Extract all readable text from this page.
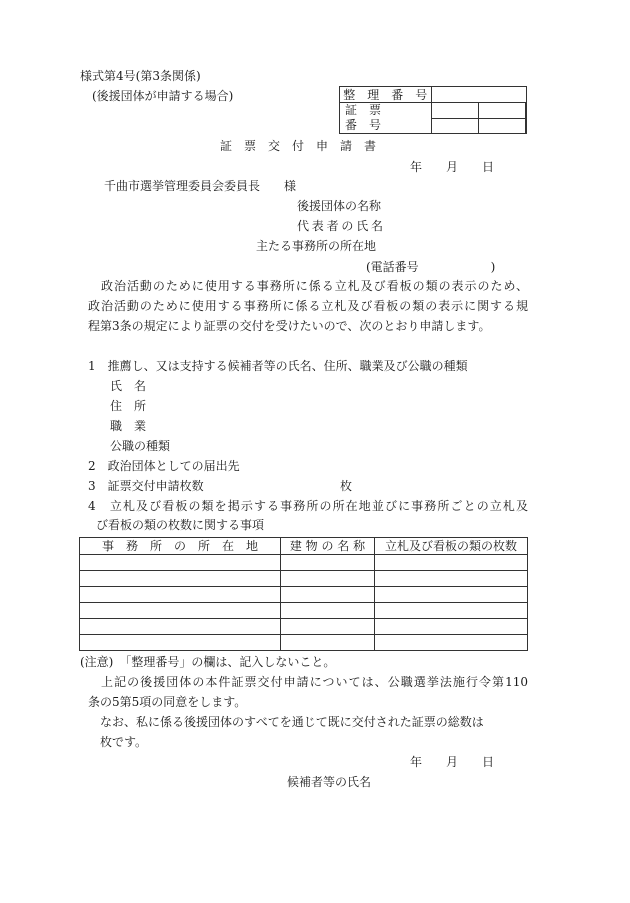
様式第4号(第3条関係)
(後援団体が申請する場合)	整　理　番　号			

証　票
番　号			

証　票　交　付　申　請　書
年　　月　　日
千曲市選挙管理委員会委員長　　様
後援団体の名称
代表者の氏名
主たる事務所の所在地
(電話番号　　　　　　)
　政治活動のために使用する事務所に係る立札及び看板の類の表示のため、
政治活動のために使用する事務所に係る立札及び看板の類の表示に関する規
程第3条の規定により証票の交付を受けたいので、次のとおり申請します。
1　推薦し、又は支持する候補者等の氏名、住所、職業及び公職の種類
氏　名
住　所
職　業
公職の種類
2　政治団体としての届出先
3　証票交付申請枚数	枚
4　立札及び看板の類を掲示する事務所の所在地並びに事務所ごとの立札及
び看板の類の枚数に関する事項
事　務　所　の　所　在　地	建 物 の 名 称	立札及び看板の類の枚数

(注意)　「整理番号」の欄は、記入しないこと。
　上記の後援団体の本件証票交付申請については、公職選挙法施行令第110
条の5第5項の同意をします。
　なお、私に係る後援団体のすべてを通じて既に交付された証票の総数は
　枚です。
年　　月　　日
候補者等の氏名
